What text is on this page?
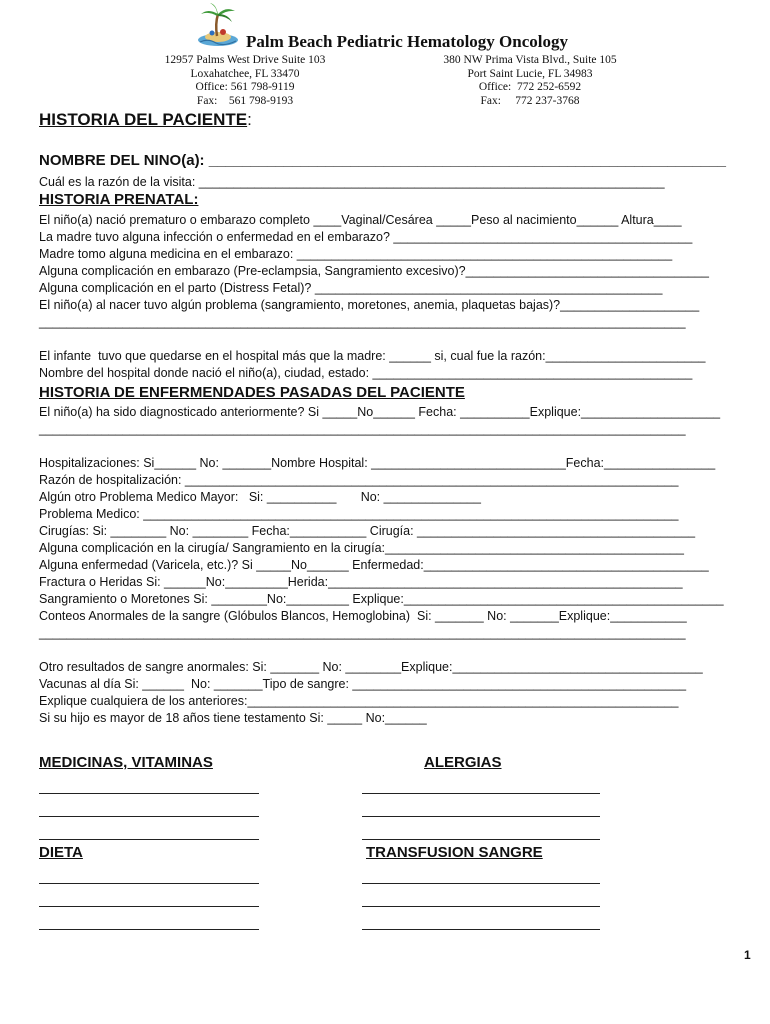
Palm Beach Pediatric Hematology Oncology
12957 Palms West Drive Suite 103
Loxahatchee, FL 33470
Office: 561 798-9119
Fax:    561 798-9193
380 NW Prima Vista Blvd., Suite 105
Port Saint Lucie, FL 34983
Office:  772 252-6592
Fax:     772 237-3768
HISTORIA DEL PACIENTE:
NOMBRE DEL NINO(a): ______________________________________________________________
Cuál es la razón de la visita: ___________________________________________________________________
HISTORIA PRENATAL:
El niño(a) nació prematuro o embarazo completo ____Vaginal/Cesárea _____Peso al nacimiento______ Altura____
La madre tuvo alguna infección o enfermedad en el embarazo? ___________________________________________
Madre tomo alguna medicina en el embarazo: ______________________________________________________
Alguna complicación en embarazo (Pre-eclampsia, Sangramiento excesivo)?___________________________________
Alguna complicación en el parto (Distress Fetal)? __________________________________________________
El niño(a) al nacer tuvo algún problema (sangramiento, moretones, anemia, plaquetas bajas)?____________________
_____________________________________________________________________________________________
El infante  tuvo que quedarse en el hospital más que la madre: ______ si, cual fue la razón:_______________________
Nombre del hospital donde nació el niño(a), ciudad, estado: ______________________________________________
HISTORIA DE ENFERMENDADES PASADAS DEL PACIENTE
El niño(a) ha sido diagnosticado anteriormente? Si _____No______ Fecha: __________Explique:____________________
_____________________________________________________________________________________________
Hospitalizaciones: Si______ No: _______Nombre Hospital: ____________________________Fecha:________________
Razón de hospitalización: _______________________________________________________________________
Algún otro Problema Medico Mayor:   Si: __________       No: ______________
Problema Medico: _____________________________________________________________________________
Cirugías: Si: ________ No: ________ Fecha:___________ Cirugía: ________________________________________
Alguna complicación en la cirugía/ Sangramiento en la cirugía:___________________________________________
Alguna enfermedad (Varicela, etc.)? Si _____No______ Enfermedad:_________________________________________
Fractura o Heridas Si: ______No:_________Herida:___________________________________________________
Sangramiento o Moretones Si: ________No:_________ Explique:______________________________________________
Conteos Anormales de la sangre (Glóbulos Blancos, Hemoglobina)  Si: _______ No: _______Explique:___________
_____________________________________________________________________________________________
Otro resultados de sangre anormales: Si: _______ No: ________Explique:____________________________________
Vacunas al día Si: ______  No: _______Tipo de sangre: ________________________________________________
Explique cualquiera de los anteriores:______________________________________________________________
Si su hijo es mayor de 18 años tiene testamento Si: _____ No:______
MEDICINAS, VITAMINAS	ALERGIAS
DIETA	TRANSFUSION SANGRE
1
